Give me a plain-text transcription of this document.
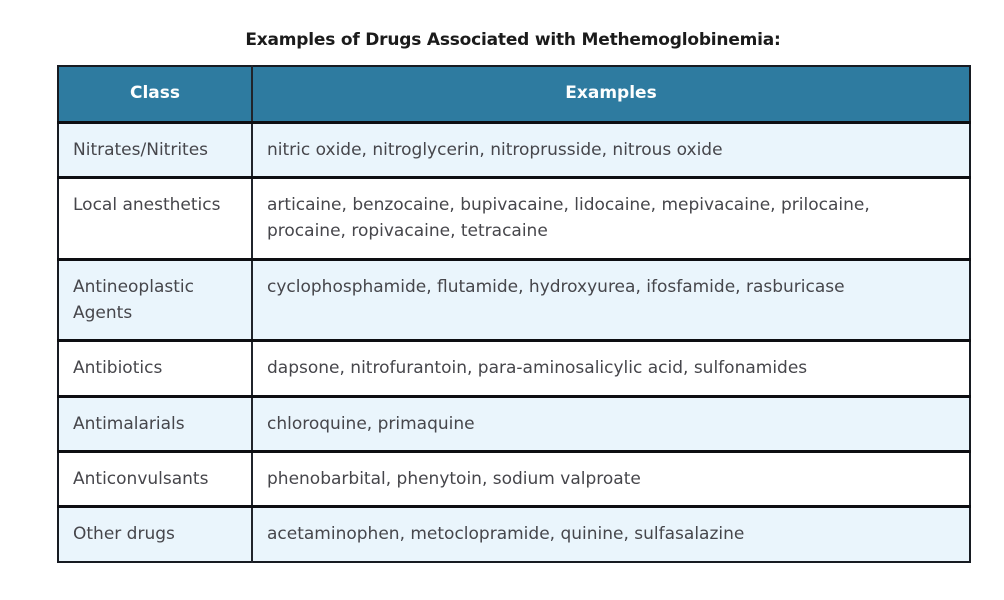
Examples of Drugs Associated with Methemoglobinemia:
Class	Examples
Nitrates/Nitrites	nitric oxide, nitroglycerin, nitroprusside, nitrous oxide
Local anesthetics	articaine, benzocaine, bupivacaine, lidocaine, mepivacaine, prilocaine, procaine, ropivacaine, tetracaine
Antineoplastic Agents	cyclophosphamide, flutamide, hydroxyurea, ifosfamide, rasburicase
Antibiotics	dapsone, nitrofurantoin, para-aminosalicylic acid, sulfonamides
Antimalarials	chloroquine, primaquine
Anticonvulsants	phenobarbital, phenytoin, sodium valproate
Other drugs	acetaminophen, metoclopramide, quinine, sulfasalazine
